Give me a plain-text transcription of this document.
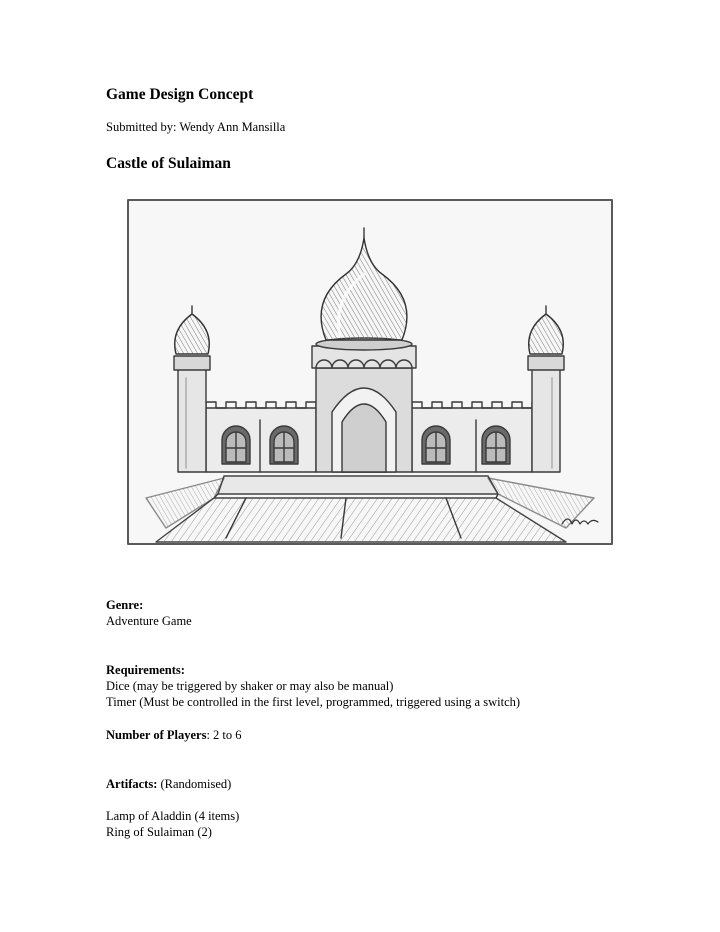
Game Design Concept
Submitted by: Wendy Ann Mansilla
Castle of Sulaiman
Genre:
Adventure Game
Requirements:
Dice (may be triggered by shaker or may also be manual)
Timer (Must be controlled in the first level, programmed, triggered using a switch)
Number of Players: 2 to 6
Artifacts: (Randomised)
Lamp of Aladdin (4 items)
Ring of Sulaiman (2)
